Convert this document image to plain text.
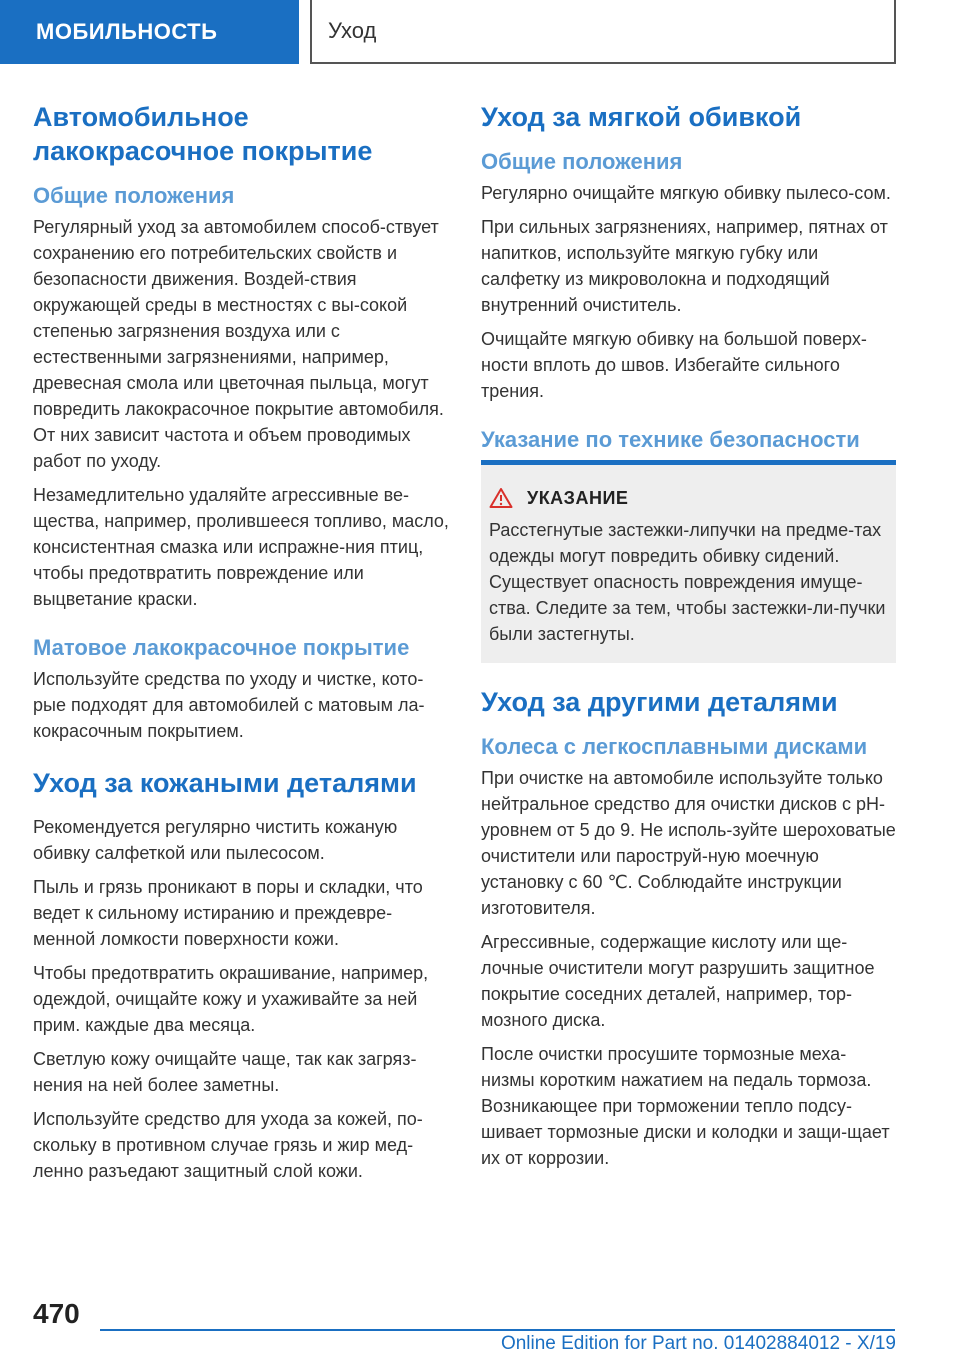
МОБИЛЬНОСТЬ	Уход
Автомобильное лакокрасочное покрытие
Общие положения

Регулярный уход за автомобилем способ-ствует сохранению его потребительских свойств и безопасности движения. Воздей-ствия окружающей среды в местностях с вы-сокой степенью загрязнения воздуха или с естественными загрязнениями, например, древесная смола или цветочная пыльца, могут повредить лакокрасочное покрытие автомобиля. От них зависит частота и объем проводимых работ по уходу.

Незамедлительно удаляйте агрессивные ве-щества, например, пролившееся топливо, масло, консистентная смазка или испражне-ния птиц, чтобы предотвратить повреждение или выцветание краски.

Матовое лакокрасочное покрытие

Используйте средства по уходу и чистке, кото-рые подходят для автомобилей с матовым ла-кокрасочным покрытием.

Уход за кожаными деталями

Рекомендуется регулярно чистить кожаную обивку салфеткой или пылесосом.

Пыль и грязь проникают в поры и складки, что ведет к сильному истиранию и преждевре-менной ломкости поверхности кожи.

Чтобы предотвратить окрашивание, например, одеждой, очищайте кожу и ухаживайте за ней прим. каждые два месяца.

Светлую кожу очищайте чаще, так как загряз-нения на ней более заметны.

Используйте средство для ухода за кожей, по-скольку в противном случае грязь и жир мед-ленно разъедают защитный слой кожи.

Уход за мягкой обивкой
Общие положения

Регулярно очищайте мягкую обивку пылесо-сом.

При сильных загрязнениях, например, пятнах от напитков, используйте мягкую губку или салфетку из микроволокна и подходящий внутренний очиститель.

Очищайте мягкую обивку на большой поверх-ности вплоть до швов. Избегайте сильного трения.

Указание по технике безопасности
УКАЗАНИЕ

Расстегнутые застежки-липучки на предме-тах одежды могут повредить обивку сидений. Существует опасность повреждения имуще-ства. Следите за тем, чтобы застежки-ли-пучки были застегнуты.

Уход за другими деталями
Колеса с легкосплавными дисками

При очистке на автомобиле используйте только нейтральное средство для очистки дисков с pH-уровнем от 5 до 9. Не исполь-зуйте шероховатые очистители или пароструй-ную моечную установку с 60 ℃. Соблюдайте инструкции изготовителя.

Агрессивные, содержащие кислоту или ще-лочные очистители могут разрушить защитное покрытие соседних деталей, например, тор-мозного диска.

После очистки просушите тормозные меха-низмы коротким нажатием на педаль тормоза. Возникающее при торможении тепло подсу-шивает тормозные диски и колодки и защи-щает их от коррозии.

470
Online Edition for Part no. 01402884012 - X/19
